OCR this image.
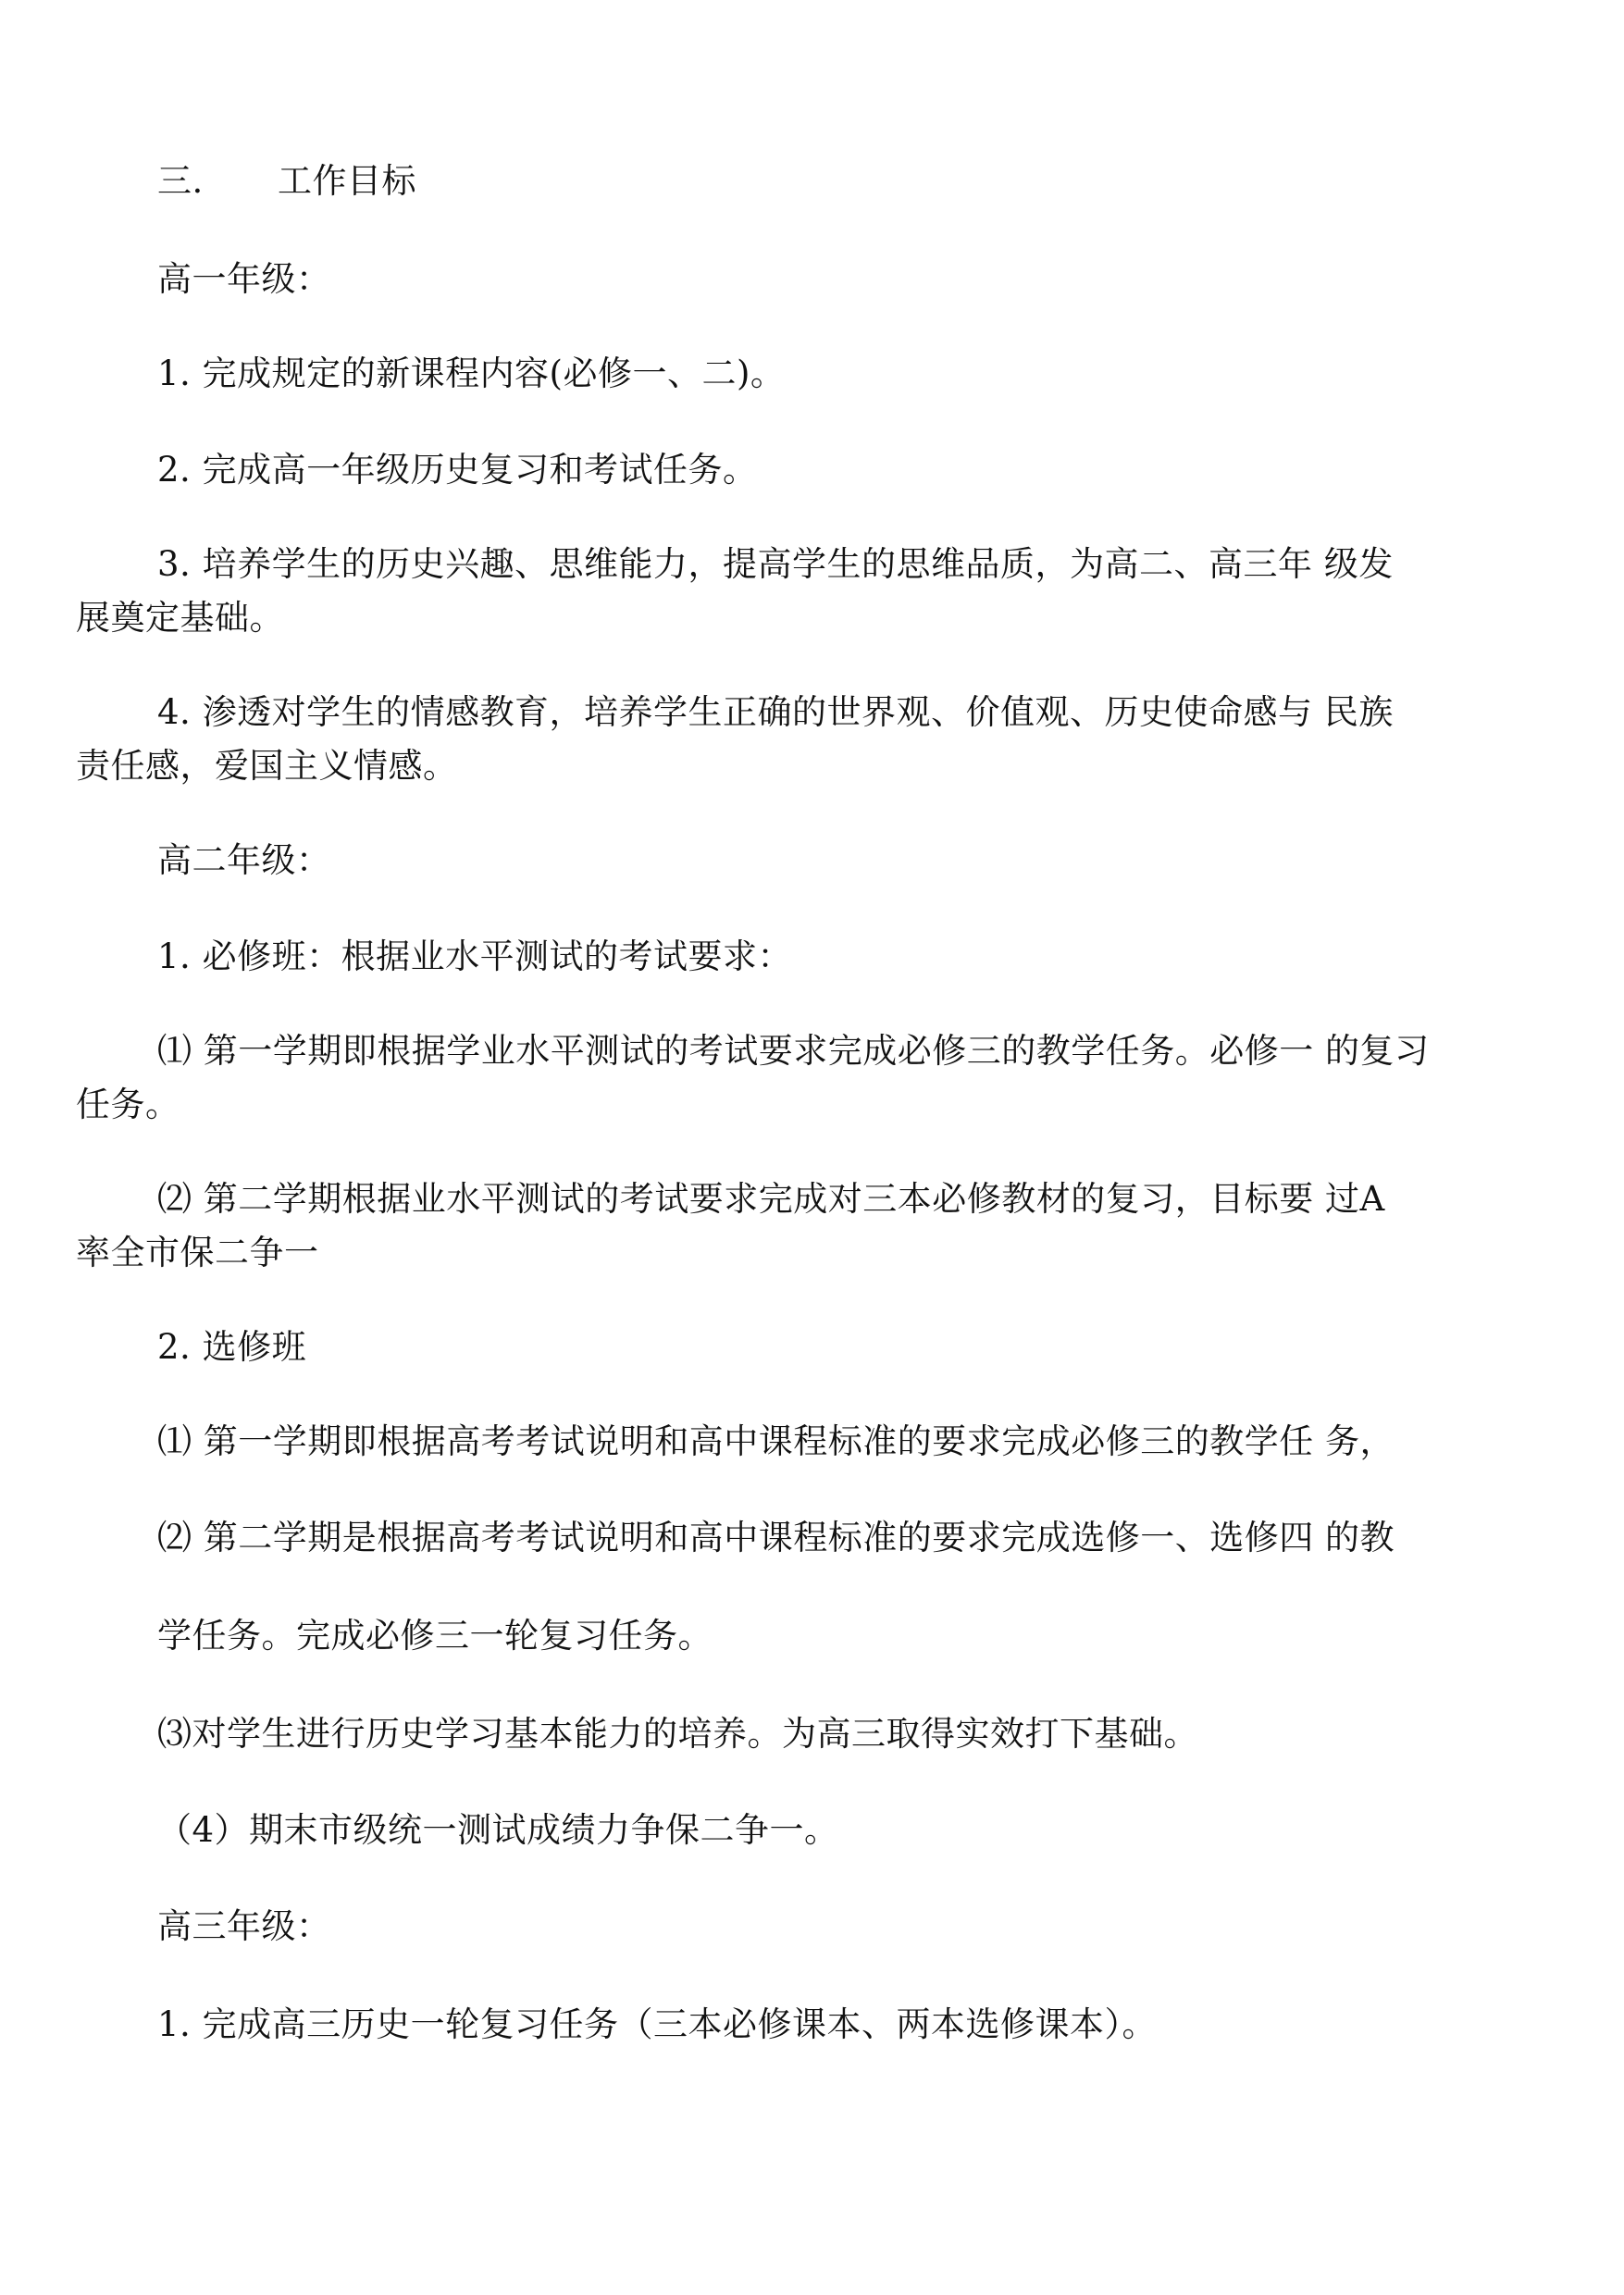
三. 工作目标
高一年级：
1. 完成规定的新课程内容(必修一、二)。
2. 完成高一年级历史复习和考试任务。
3. 培养学生的历史兴趣、思维能力，提高学生的思维品质，为高二、高三年 级发
展奠定基础。
4. 渗透对学生的情感教育，培养学生正确的世界观、价值观、历史使命感与 民族
责任感，爱国主义情感。
高二年级：
1. 必修班：根据业水平测试的考试要求：
⑴ 第一学期即根据学业水平测试的考试要求完成必修三的教学任务。必修一 的复习
任务。
⑵ 第二学期根据业水平测试的考试要求完成对三本必修教材的复习，目标要 过A
率全市保二争一
2. 选修班
⑴ 第一学期即根据高考考试说明和高中课程标准的要求完成必修三的教学任 务，
⑵ 第二学期是根据高考考试说明和高中课程标准的要求完成选修一、选修四 的教
学任务。完成必修三一轮复习任务。
⑶对学生进行历史学习基本能力的培养。为高三取得实效打下基础。
（4）期末市级统一测试成绩力争保二争一。
高三年级：
1. 完成高三历史一轮复习任务（三本必修课本、两本选修课本）。
